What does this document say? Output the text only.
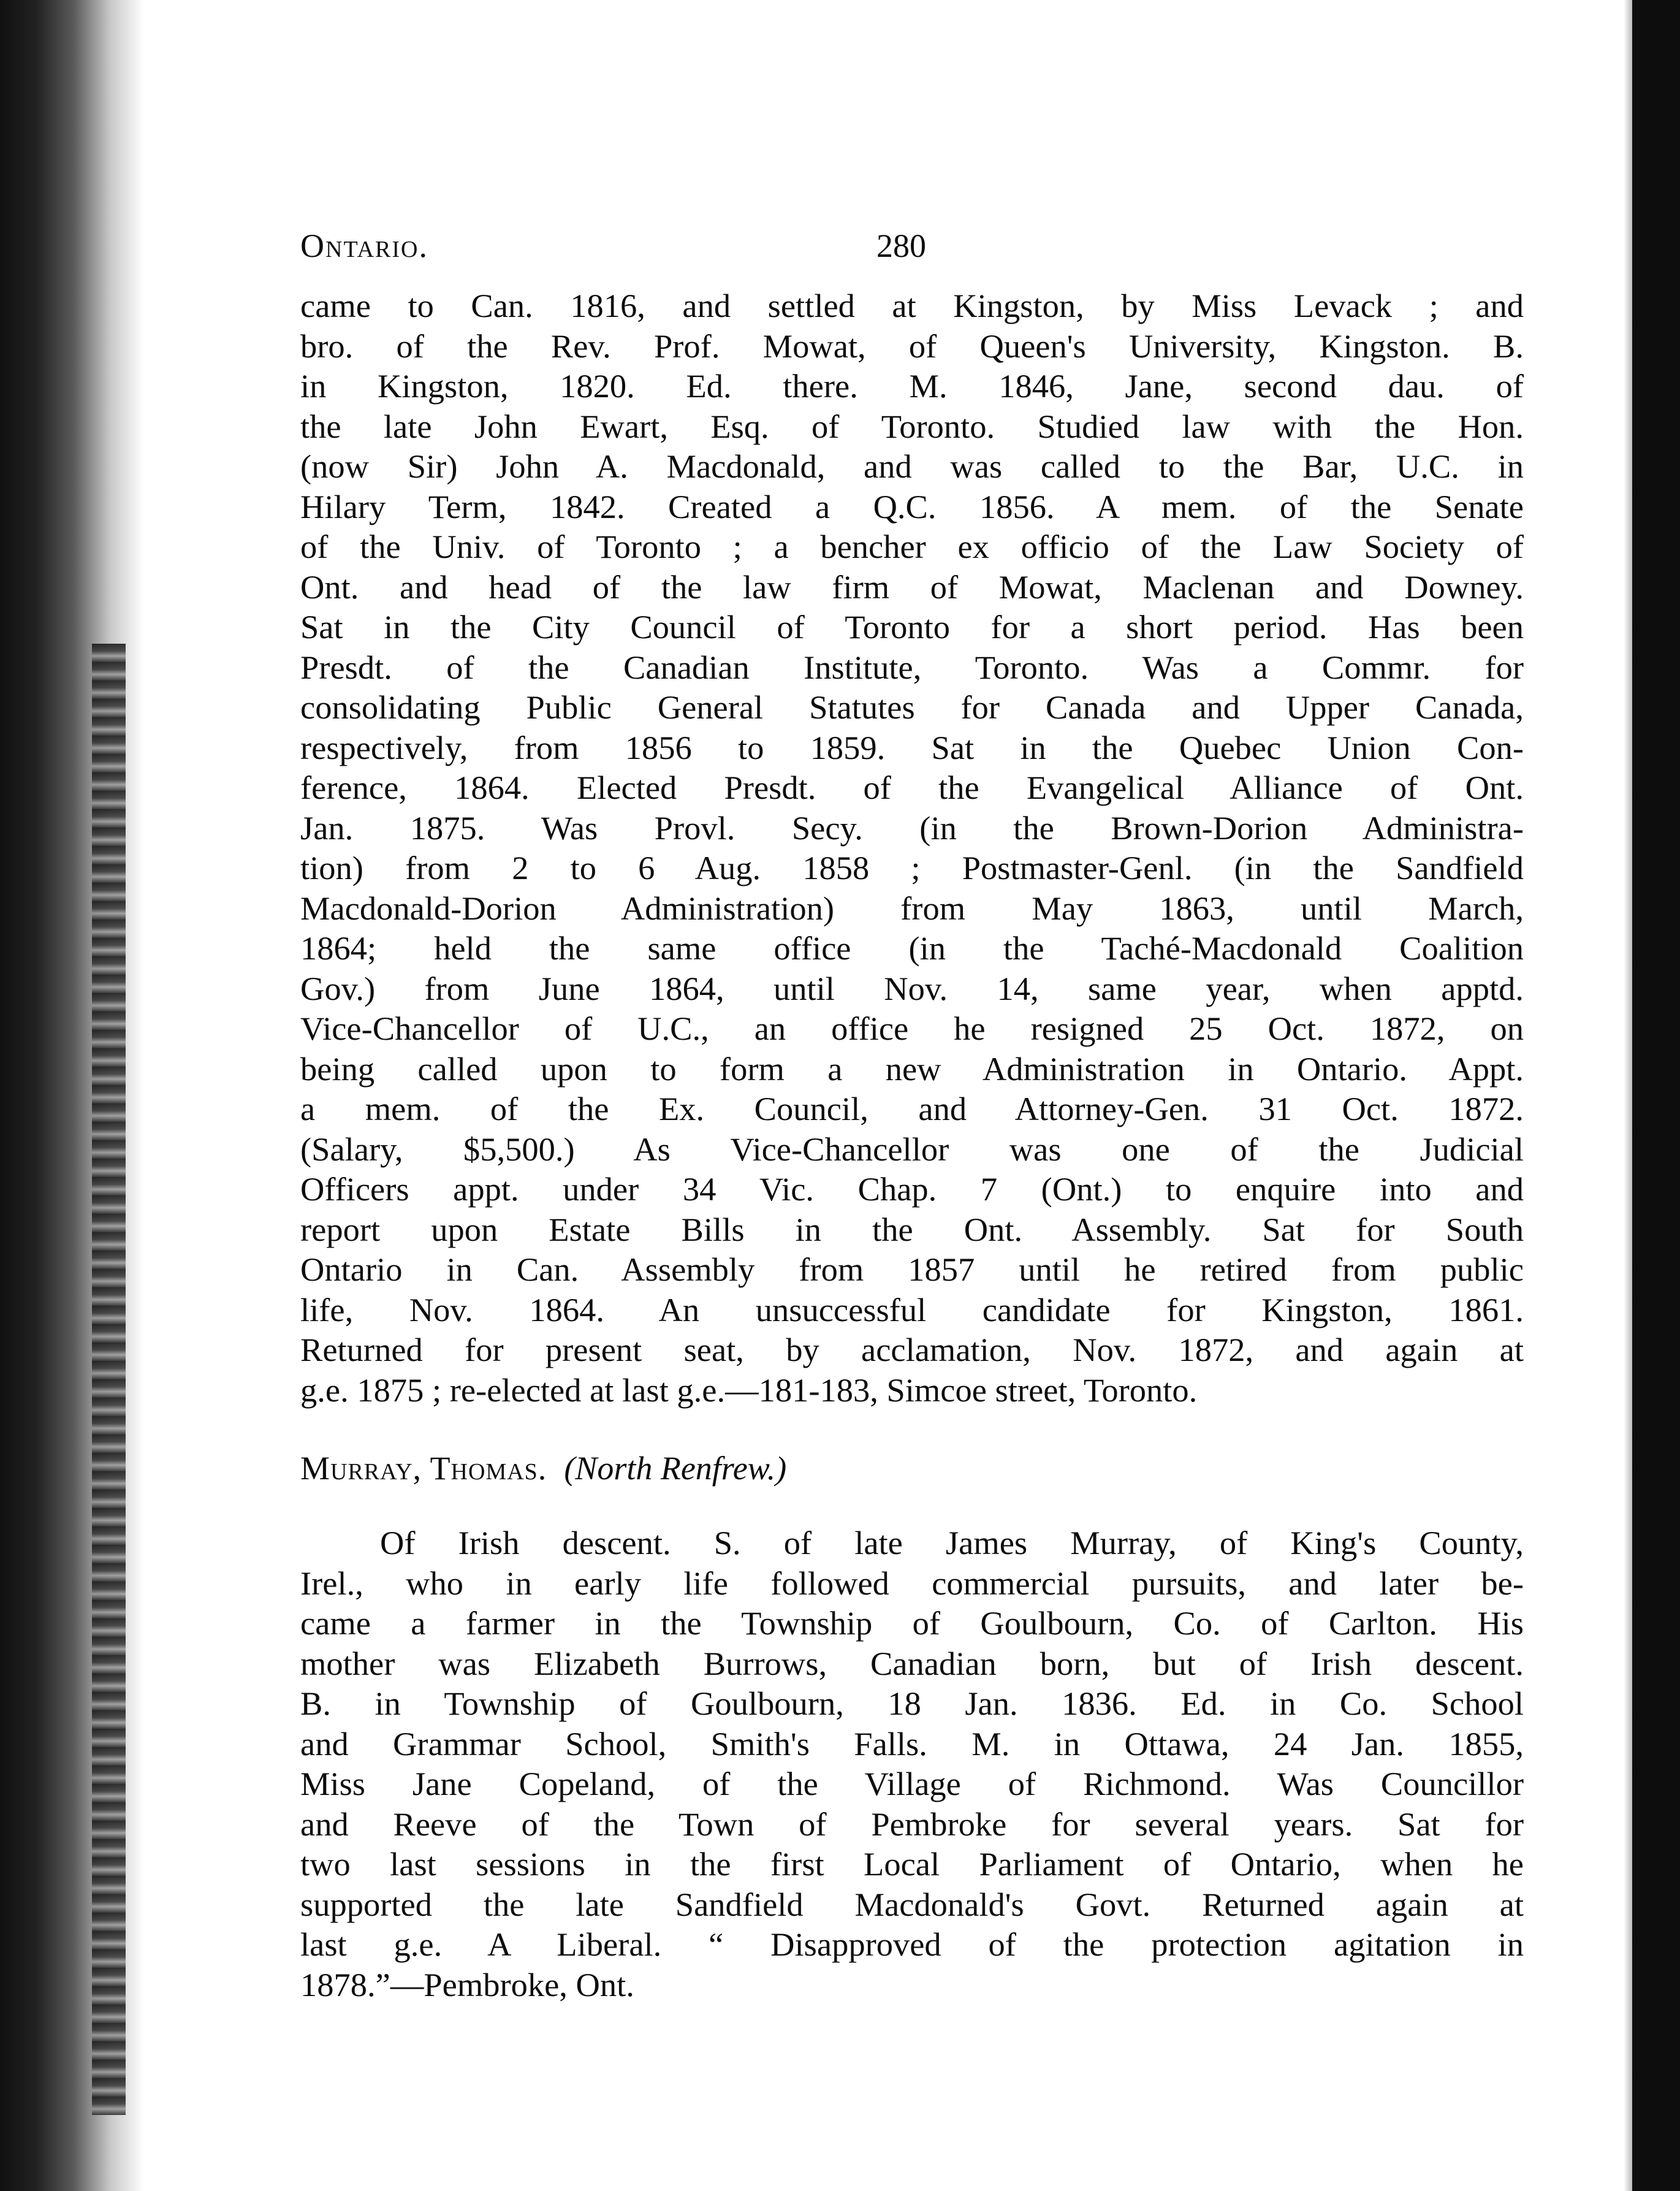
Ontario.	280

came to Can. 1816, and settled at Kingston, by Miss Levack ; and
bro. of the Rev. Prof. Mowat, of Queen's University, Kingston. B.
in Kingston, 1820. Ed. there. M. 1846, Jane, second dau. of
the late John Ewart, Esq. of Toronto. Studied law with the Hon.
(now Sir) John A. Macdonald, and was called to the Bar, U.C. in
Hilary Term, 1842. Created a Q.C. 1856. A mem. of the Senate
of the Univ. of Toronto ; a bencher ex officio of the Law Society of
Ont. and head of the law firm of Mowat, Maclenan and Downey.
Sat in the City Council of Toronto for a short period. Has been
Presdt. of the Canadian Institute, Toronto. Was a Commr. for
consolidating Public General Statutes for Canada and Upper Canada,
respectively, from 1856 to 1859. Sat in the Quebec Union Con-
ference, 1864. Elected Presdt. of the Evangelical Alliance of Ont.
Jan. 1875. Was Provl. Secy. (in the Brown-Dorion Administra-
tion) from 2 to 6 Aug. 1858 ; Postmaster-Genl. (in the Sandfield
Macdonald-Dorion Administration) from May 1863, until March,
1864; held the same office (in the Taché-Macdonald Coalition
Gov.) from June 1864, until Nov. 14, same year, when apptd.
Vice-Chancellor of U.C., an office he resigned 25 Oct. 1872, on
being called upon to form a new Administration in Ontario. Appt.
a mem. of the Ex. Council, and Attorney-Gen. 31 Oct. 1872.
(Salary, $5,500.) As Vice-Chancellor was one of the Judicial
Officers appt. under 34 Vic. Chap. 7 (Ont.) to enquire into and
report upon Estate Bills in the Ont. Assembly. Sat for South
Ontario in Can. Assembly from 1857 until he retired from public
life, Nov. 1864. An unsuccessful candidate for Kingston, 1861.
Returned for present seat, by acclamation, Nov. 1872, and again at
g.e. 1875 ; re-elected at last g.e.—181-183, Simcoe street, Toronto.

Murray, Thomas. (North Renfrew.)

Of Irish descent. S. of late James Murray, of King's County,
Irel., who in early life followed commercial pursuits, and later be-
came a farmer in the Township of Goulbourn, Co. of Carlton. His
mother was Elizabeth Burrows, Canadian born, but of Irish descent.
B. in Township of Goulbourn, 18 Jan. 1836. Ed. in Co. School
and Grammar School, Smith's Falls. M. in Ottawa, 24 Jan. 1855,
Miss Jane Copeland, of the Village of Richmond. Was Councillor
and Reeve of the Town of Pembroke for several years. Sat for
two last sessions in the first Local Parliament of Ontario, when he
supported the late Sandfield Macdonald's Govt. Returned again at
last g.e. A Liberal. “ Disapproved of the protection agitation in
1878.”—Pembroke, Ont.
